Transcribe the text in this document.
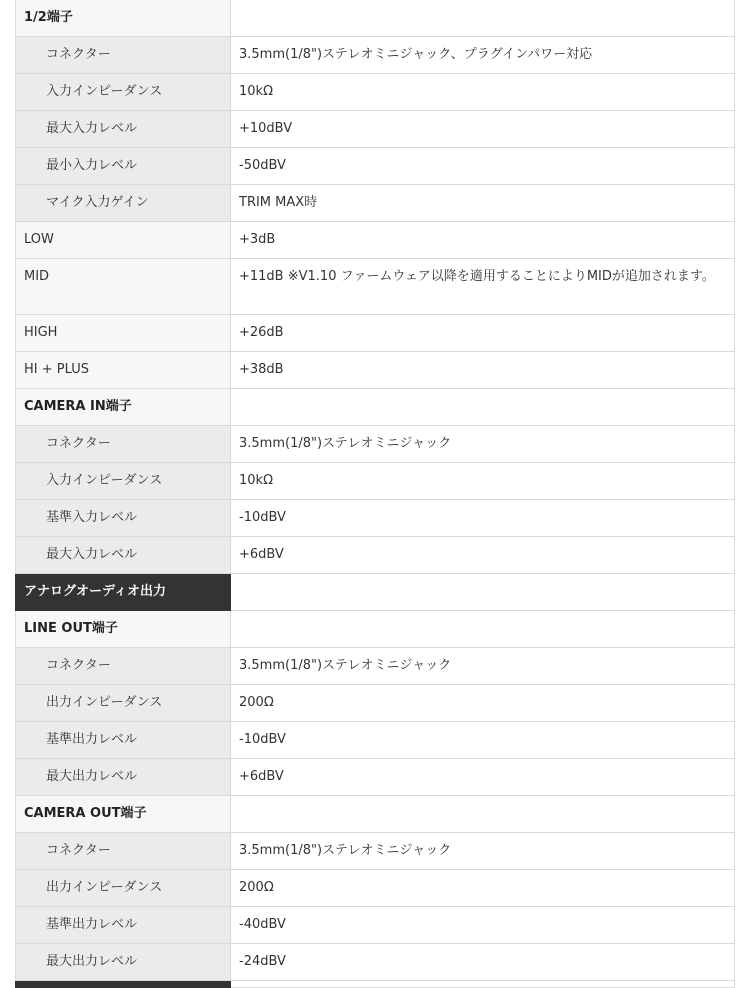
1/2端子	
コネクター	3.5mm(1/8")ステレオミニジャック、プラグインパワー対応
入力インピーダンス	10kΩ
最大入力レベル	+10dBV
最小入力レベル	-50dBV
マイク入力ゲイン	TRIM MAX時
LOW	+3dB
MID	+11dB ※V1.10 ファームウェア以降を適用することによりMIDが追加されます。
HIGH	+26dB
HI + PLUS	+38dB
CAMERA IN端子	
コネクター	3.5mm(1/8")ステレオミニジャック
入力インピーダンス	10kΩ
基準入力レベル	-10dBV
最大入力レベル	+6dBV
アナログオーディオ出力	
LINE OUT端子	
コネクター	3.5mm(1/8")ステレオミニジャック
出力インピーダンス	200Ω
基準出力レベル	-10dBV
最大出力レベル	+6dBV
CAMERA OUT端子	
コネクター	3.5mm(1/8")ステレオミニジャック
出力インピーダンス	200Ω
基準出力レベル	-40dBV
最大出力レベル	-24dBV
